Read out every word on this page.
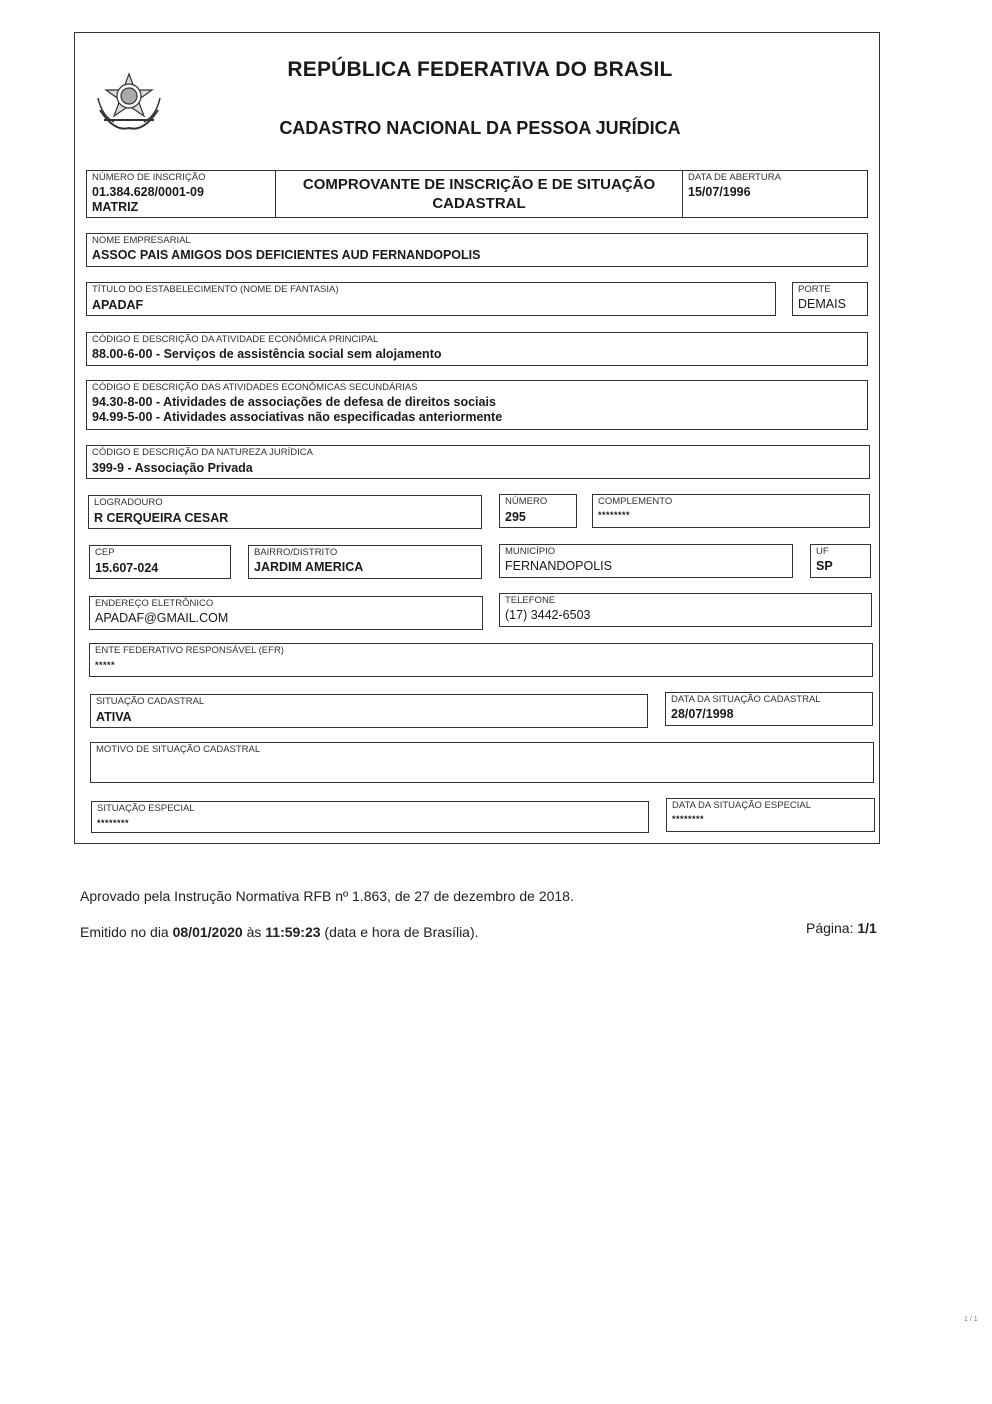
REPÚBLICA FEDERATIVA DO BRASIL
CADASTRO NACIONAL DA PESSOA JURÍDICA
NÚMERO DE INSCRIÇÃO
01.384.628/0001-09
MATRIZ
COMPROVANTE DE INSCRIÇÃO E DE SITUAÇÃO
CADASTRAL
DATA DE ABERTURA
15/07/1996
NOME EMPRESARIAL
ASSOC PAIS AMIGOS DOS DEFICIENTES AUD FERNANDOPOLIS
TÍTULO DO ESTABELECIMENTO (NOME DE FANTASIA)
APADAF
PORTE
DEMAIS
CÓDIGO E DESCRIÇÃO DA ATIVIDADE ECONÔMICA PRINCIPAL
88.00-6-00 - Serviços de assistência social sem alojamento
CÓDIGO E DESCRIÇÃO DAS ATIVIDADES ECONÔMICAS SECUNDÁRIAS
94.30-8-00 - Atividades de associações de defesa de direitos sociais
94.99-5-00 - Atividades associativas não especificadas anteriormente
CÓDIGO E DESCRIÇÃO DA NATUREZA JURÍDICA
399-9 - Associação Privada
LOGRADOURO
R CERQUEIRA CESAR
NÚMERO
295
COMPLEMENTO
********
CEP
15.607-024
BAIRRO/DISTRITO
JARDIM AMERICA
MUNICÍPIO
FERNANDOPOLIS
UF
SP
ENDEREÇO ELETRÔNICO
APADAF@GMAIL.COM
TELEFONE
(17) 3442-6503
ENTE FEDERATIVO RESPONSÁVEL (EFR)
*****
SITUAÇÃO CADASTRAL
ATIVA
DATA DA SITUAÇÃO CADASTRAL
28/07/1998
MOTIVO DE SITUAÇÃO CADASTRAL
SITUAÇÃO ESPECIAL
********
DATA DA SITUAÇÃO ESPECIAL
********
Aprovado pela Instrução Normativa RFB nº 1.863, de 27 de dezembro de 2018.
Emitido no dia 08/01/2020 às 11:59:23 (data e hora de Brasília).	Página: 1/1
1 / 1
